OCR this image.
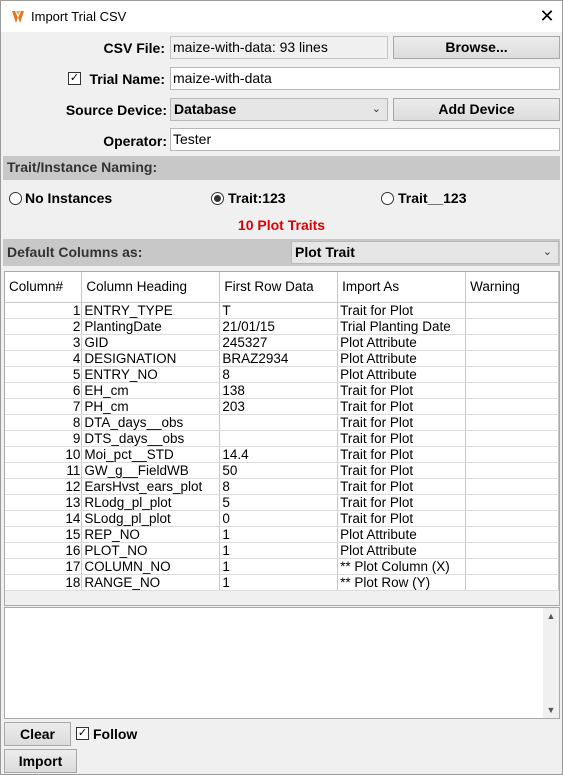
Import Trial CSV	✕
CSV File: maize-with-data: 93 lines	Browse...
✓ Trial Name: maize-with-data
Source Device: Database	⌄	Add Device
Operator: Tester
Trait/Instance Naming:
No Instances	Trait:123	Trait__123
10 Plot Traits
Default Columns as:	Plot Trait	⌄
Column#	Column Heading	First Row Data	Import As	Warning
1	ENTRY_TYPE	T	Trait for Plot	
2	PlantingDate	21/01/15	Trial Planting Date	
3	GID	245327	Plot Attribute	
4	DESIGNATION	BRAZ2934	Plot Attribute	
5	ENTRY_NO	8	Plot Attribute	
6	EH_cm	138	Trait for Plot	
7	PH_cm	203	Trait for Plot	
8	DTA_days__obs		Trait for Plot	
9	DTS_days__obs		Trait for Plot	
10	Moi_pct__STD	14.4	Trait for Plot	
11	GW_g__FieldWB	50	Trait for Plot	
12	EarsHvst_ears_plot	8	Trait for Plot	
13	RLodg_pl_plot	5	Trait for Plot	
14	SLodg_pl_plot	0	Trait for Plot	
15	REP_NO	1	Plot Attribute	
16	PLOT_NO	1	Plot Attribute	
17	COLUMN_NO	1	** Plot Column (X)	
18	RANGE_NO	1	** Plot Row (Y)	
▲
▼
Clear	✓ Follow
Import
